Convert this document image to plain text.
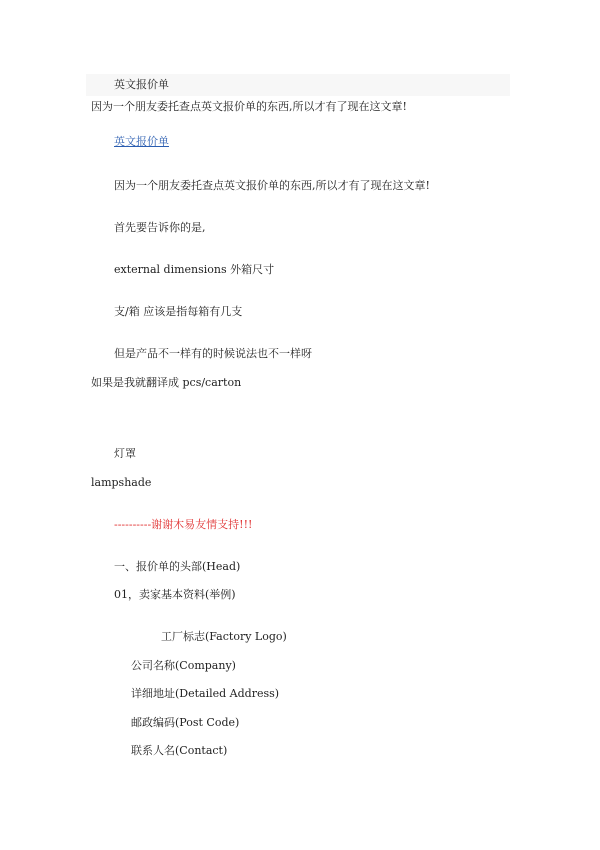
英文报价单
因为一个朋友委托查点英文报价单的东西,所以才有了现在这文章!
英文报价单
因为一个朋友委托查点英文报价单的东西,所以才有了现在这文章!
首先要告诉你的是,
external dimensions 外箱尺寸
支/箱 应该是指每箱有几支
但是产品不一样有的时候说法也不一样呀
如果是我就翻译成 pcs/carton
灯罩
lampshade
----------谢谢木易友情支持!!!
一、报价单的头部(Head)
01，卖家基本资料(举例)
工厂标志(Factory Logo)
公司名称(Company)
详细地址(Detailed Address)
邮政编码(Post Code)
联系人名(Contact)
